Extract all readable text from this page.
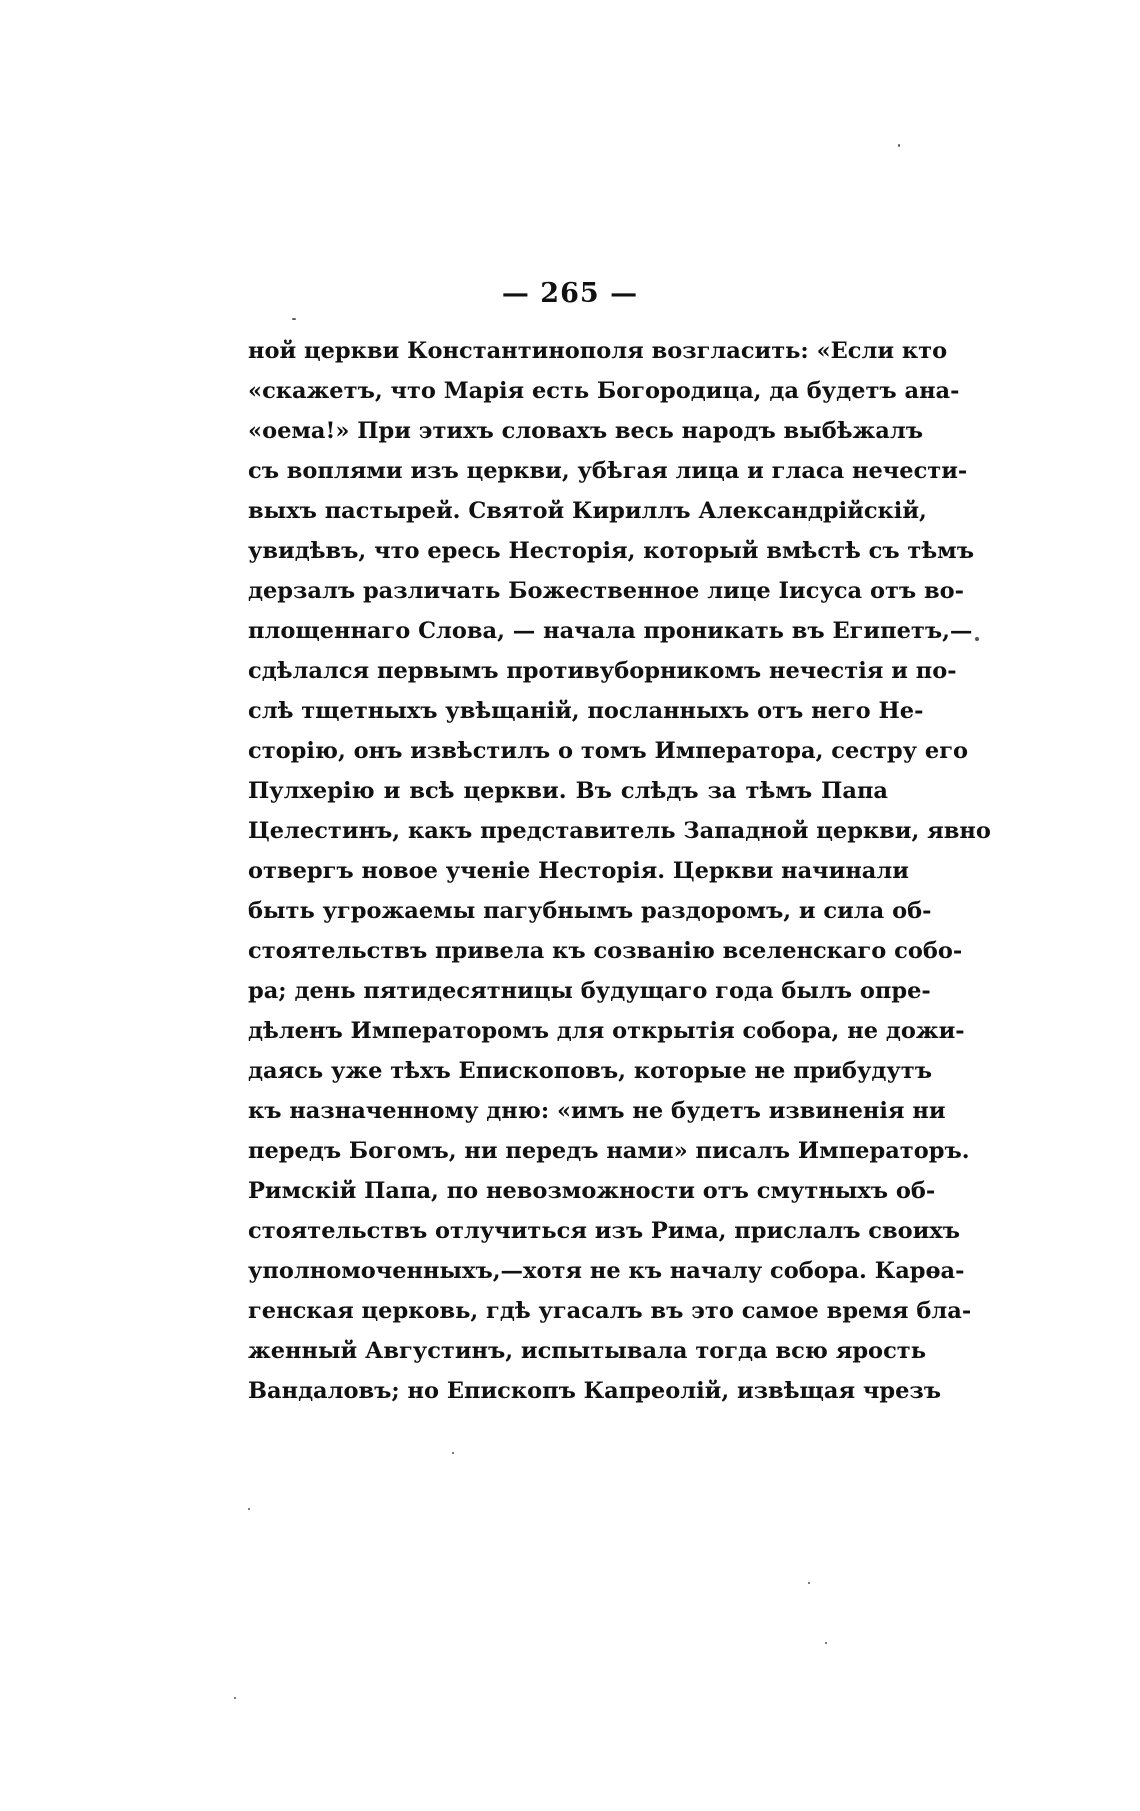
— 265 —
ной церкви Константинополя возгласить: «Если кто
«скажетъ, что Марія есть Богородица, да будетъ ана-
«оема!» При этихъ словахъ весь народъ выбѣжалъ
съ воплями изъ церкви, убѣгая лица и гласа нечести-
выхъ пастырей. Святой Кириллъ Александрійскій,
увидѣвъ, что ересь Несторія, который вмѣстѣ съ тѣмъ
дерзалъ различать Божественное лице Іисуса отъ во-
площеннаго Слова, — начала проникать въ Египетъ,—
сдѣлался первымъ противуборникомъ нечестія и по-
слѣ тщетныхъ увѣщаній, посланныхъ отъ него Не-
сторію, онъ извѣстилъ о томъ Императора, сестру его
Пулхерію и всѣ церкви. Въ слѣдъ за тѣмъ Папа
Целестинъ, какъ представитель Западной церкви, явно
отвергъ новое ученіе Несторія. Церкви начинали
быть угрожаемы пагубнымъ раздоромъ, и сила об-
стоятельствъ привела къ созванію вселенскаго собо-
ра; день пятидесятницы будущаго года былъ опре-
дѣленъ Императоромъ для открытія собора, не дожи-
даясь уже тѣхъ Епископовъ, которые не прибудутъ
къ назначенному дню: «имъ не будетъ извиненія ни
передъ Богомъ, ни передъ нами» писалъ Императоръ.
Римскій Папа, по невозможности отъ смутныхъ об-
стоятельствъ отлучиться изъ Рима, прислалъ своихъ
уполномоченныхъ,—хотя не къ началу собора. Карөа-
генская церковь, гдѣ угасалъ въ это самое время бла-
женный Августинъ, испытывала тогда всю ярость
Вандаловъ; но Епископъ Капреолій, извѣщая чрезъ
